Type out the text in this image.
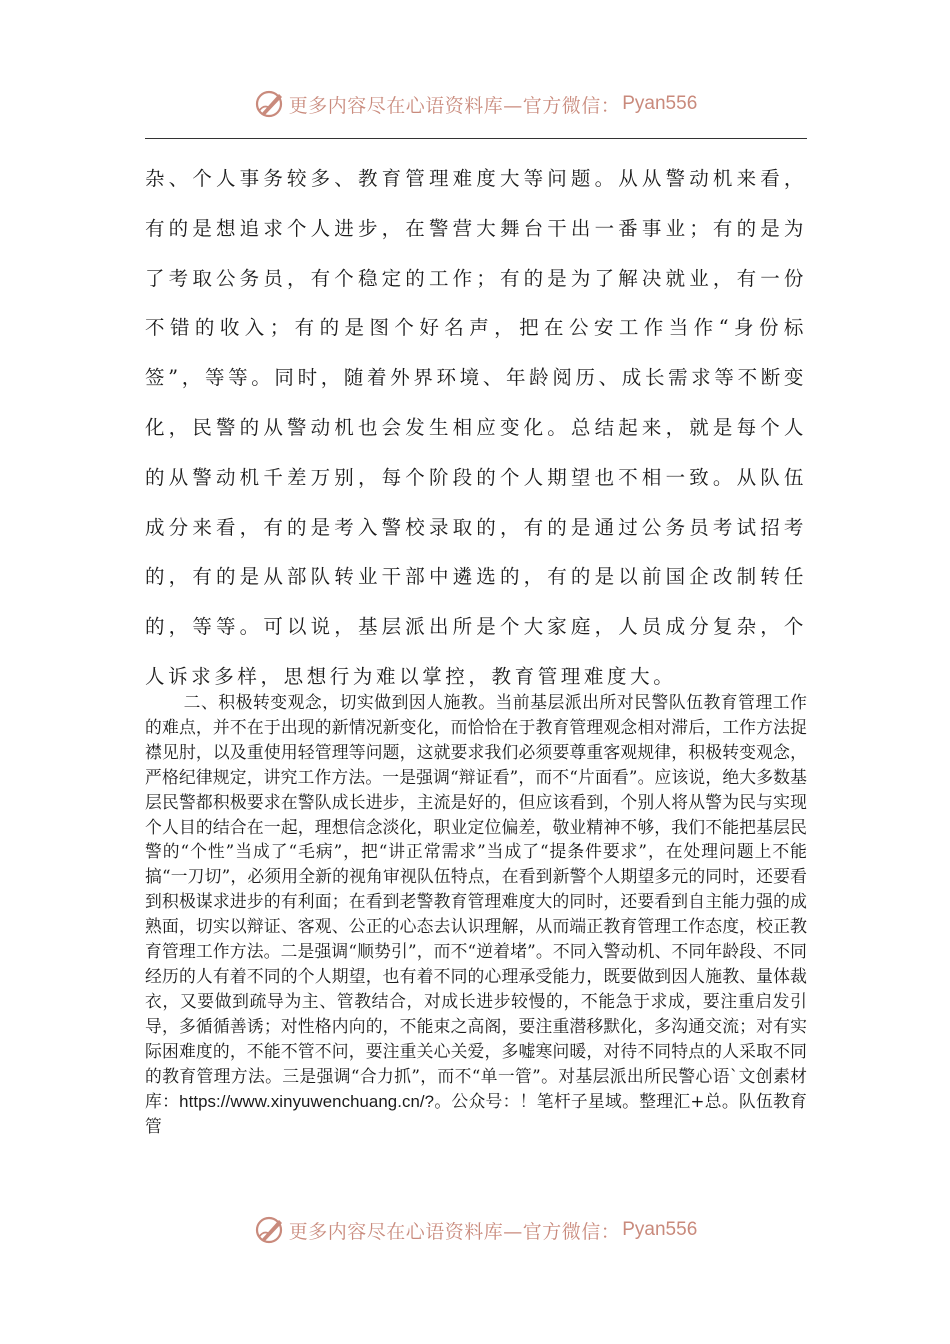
更多内容尽在心语资料库—官方微信： Pyan556

杂、个人事务较多、教育管理难度大等问题。从从警动机来看，有的是想追求个人进步，在警营大舞台干出一番事业；有的是为了考取公务员，有个稳定的工作；有的是为了解决就业，有一份不错的收入；有的是图个好名声，把在公安工作当作“身份标签”，等等。同时，随着外界环境、年龄阅历、成长需求等不断变化，民警的从警动机也会发生相应变化。总结起来，就是每个人的从警动机千差万别，每个阶段的个人期望也不相一致。从队伍成分来看，有的是考入警校录取的，有的是通过公务员考试招考的，有的是从部队转业干部中遴选的，有的是以前国企改制转任的，等等。可以说，基层派出所是个大家庭，人员成分复杂，个人诉求多样，思想行为难以掌控，教育管理难度大。

二、积极转变观念，切实做到因人施教。当前基层派出所对民警队伍教育管理工作的难点，并不在于出现的新情况新变化，而恰恰在于教育管理观念相对滞后，工作方法捉襟见肘，以及重使用轻管理等问题，这就要求我们必须要尊重客观规律，积极转变观念，严格纪律规定，讲究工作方法。一是强调“辩证看”，而不“片面看”。应该说，绝大多数基层民警都积极要求在警队成长进步，主流是好的，但应该看到，个别人将从警为民与实现个人目的结合在一起，理想信念淡化，职业定位偏差，敬业精神不够，我们不能把基层民警的“个性”当成了“毛病”，把“讲正常需求”当成了“提条件要求”，在处理问题上不能搞“一刀切”，必须用全新的视角审视队伍特点，在看到新警个人期望多元的同时，还要看到积极谋求进步的有利面；在看到老警教育管理难度大的同时，还要看到自主能力强的成熟面，切实以辩证、客观、公正的心态去认识理解，从而端正教育管理工作态度，校正教育管理工作方法。二是强调“顺势引”，而不“逆着堵”。不同入警动机、不同年龄段、不同经历的人有着不同的个人期望，也有着不同的心理承受能力，既要做到因人施教、量体裁衣，又要做到疏导为主、管教结合，对成长进步较慢的，不能急于求成，要注重启发引导，多循循善诱；对性格内向的，不能束之高阁，要注重潜移默化，多沟通交流；对有实际困难度的，不能不管不问，要注重关心关爱，多嘘寒问暖，对待不同特点的人采取不同的教育管理方法。三是强调“合力抓”，而不“单一管”。对基层派出所民警心语`文创素材库：https://www.xinyuwenchuang.cn/?。公众号：！笔杆子星域。整理汇+总。队伍教育管

更多内容尽在心语资料库—官方微信： Pyan556
